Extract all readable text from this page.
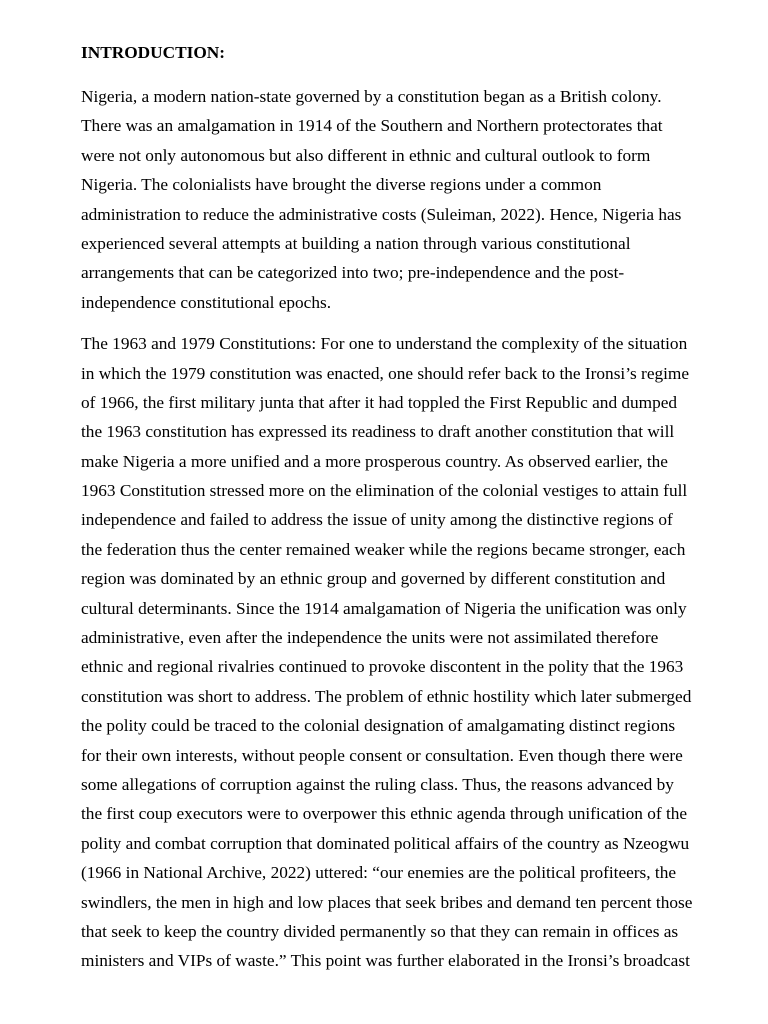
INTRODUCTION:
Nigeria, a modern nation-state governed by a constitution began as a British colony.
There was an amalgamation in 1914 of the Southern and Northern protectorates that
were not only autonomous but also different in ethnic and cultural outlook to form
Nigeria. The colonialists have brought the diverse regions under a common
administration to reduce the administrative costs (Suleiman, 2022). Hence, Nigeria has
experienced several attempts at building a nation through various constitutional
arrangements that can be categorized into two; pre-independence and the post-
independence constitutional epochs.
The 1963 and 1979 Constitutions: For one to understand the complexity of the situation
in which the 1979 constitution was enacted, one should refer back to the Ironsi’s regime
of 1966, the first military junta that after it had toppled the First Republic and dumped
the 1963 constitution has expressed its readiness to draft another constitution that will
make Nigeria a more unified and a more prosperous country. As observed earlier, the
1963 Constitution stressed more on the elimination of the colonial vestiges to attain full
independence and failed to address the issue of unity among the distinctive regions of
the federation thus the center remained weaker while the regions became stronger, each
region was dominated by an ethnic group and governed by different constitution and
cultural determinants. Since the 1914 amalgamation of Nigeria the unification was only
administrative, even after the independence the units were not assimilated therefore
ethnic and regional rivalries continued to provoke discontent in the polity that the 1963
constitution was short to address. The problem of ethnic hostility which later submerged
the polity could be traced to the colonial designation of amalgamating distinct regions
for their own interests, without people consent or consultation. Even though there were
some allegations of corruption against the ruling class. Thus, the reasons advanced by
the first coup executors were to overpower this ethnic agenda through unification of the
polity and combat corruption that dominated political affairs of the country as Nzeogwu
(1966 in National Archive, 2022) uttered: “our enemies are the political profiteers, the
swindlers, the men in high and low places that seek bribes and demand ten percent those
that seek to keep the country divided permanently so that they can remain in offices as
ministers and VIPs of waste.” This point was further elaborated in the Ironsi’s broadcast
